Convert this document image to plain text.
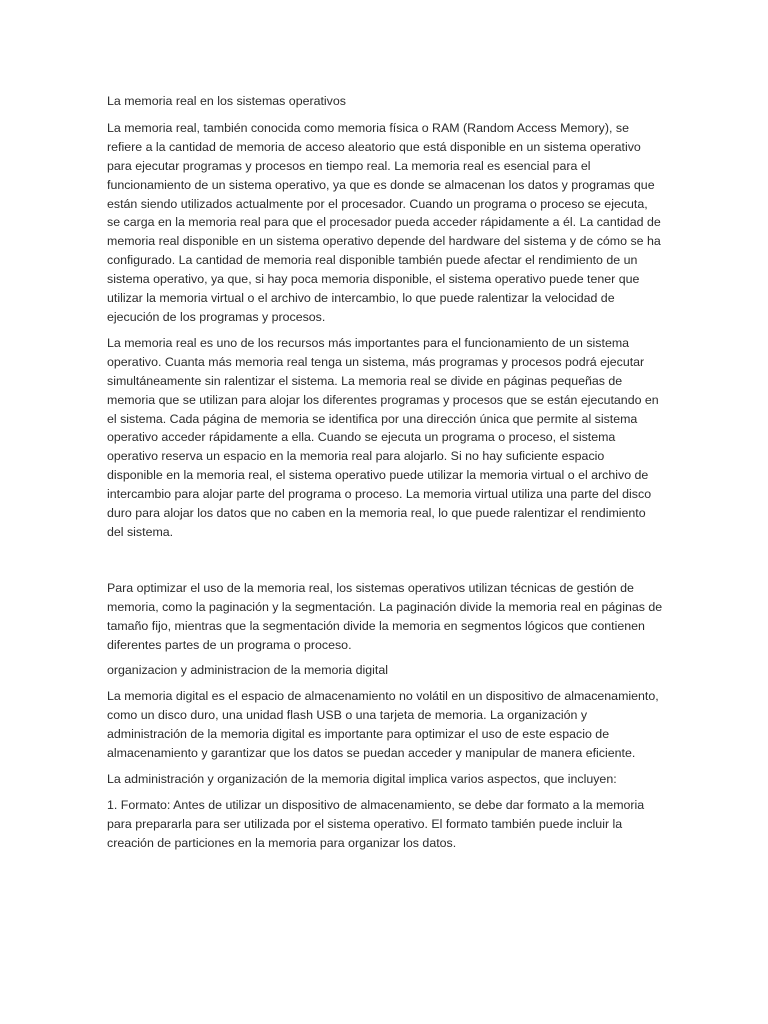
La memoria real en los sistemas operativos

La memoria real, también conocida como memoria física o RAM (Random Access Memory), se refiere a la cantidad de memoria de acceso aleatorio que está disponible en un sistema operativo para ejecutar programas y procesos en tiempo real. La memoria real es esencial para el funcionamiento de un sistema operativo, ya que es donde se almacenan los datos y programas que están siendo utilizados actualmente por el procesador. Cuando un programa o proceso se ejecuta, se carga en la memoria real para que el procesador pueda acceder rápidamente a él. La cantidad de memoria real disponible en un sistema operativo depende del hardware del sistema y de cómo se ha configurado. La cantidad de memoria real disponible también puede afectar el rendimiento de un sistema operativo, ya que, si hay poca memoria disponible, el sistema operativo puede tener que utilizar la memoria virtual o el archivo de intercambio, lo que puede ralentizar la velocidad de ejecución de los programas y procesos.

La memoria real es uno de los recursos más importantes para el funcionamiento de un sistema operativo. Cuanta más memoria real tenga un sistema, más programas y procesos podrá ejecutar simultáneamente sin ralentizar el sistema. La memoria real se divide en páginas pequeñas de memoria que se utilizan para alojar los diferentes programas y procesos que se están ejecutando en el sistema. Cada página de memoria se identifica por una dirección única que permite al sistema operativo acceder rápidamente a ella. Cuando se ejecuta un programa o proceso, el sistema operativo reserva un espacio en la memoria real para alojarlo. Si no hay suficiente espacio disponible en la memoria real, el sistema operativo puede utilizar la memoria virtual o el archivo de intercambio para alojar parte del programa o proceso. La memoria virtual utiliza una parte del disco duro para alojar los datos que no caben en la memoria real, lo que puede ralentizar el rendimiento del sistema.

Para optimizar el uso de la memoria real, los sistemas operativos utilizan técnicas de gestión de memoria, como la paginación y la segmentación. La paginación divide la memoria real en páginas de tamaño fijo, mientras que la segmentación divide la memoria en segmentos lógicos que contienen diferentes partes de un programa o proceso.

organizacion y administracion de la memoria digital

La memoria digital es el espacio de almacenamiento no volátil en un dispositivo de almacenamiento, como un disco duro, una unidad flash USB o una tarjeta de memoria. La organización y administración de la memoria digital es importante para optimizar el uso de este espacio de almacenamiento y garantizar que los datos se puedan acceder y manipular de manera eficiente.

La administración y organización de la memoria digital implica varios aspectos, que incluyen:

1. Formato: Antes de utilizar un dispositivo de almacenamiento, se debe dar formato a la memoria para prepararla para ser utilizada por el sistema operativo. El formato también puede incluir la creación de particiones en la memoria para organizar los datos.
